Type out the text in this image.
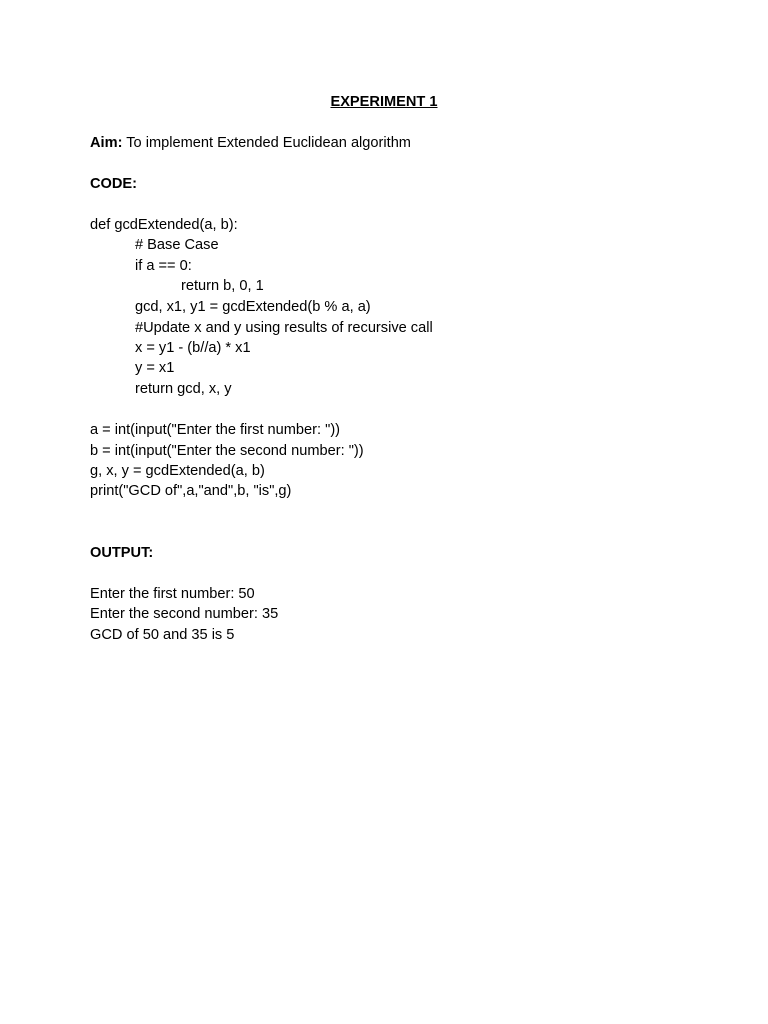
EXPERIMENT 1
Aim: To implement Extended Euclidean algorithm
CODE:
def gcdExtended(a, b):
# Base Case
if a == 0:
return b, 0, 1
gcd, x1, y1 = gcdExtended(b % a, a)
#Update x and y using results of recursive call
x = y1 - (b//a) * x1
y = x1
return gcd, x, y
a = int(input("Enter the first number: "))
b = int(input("Enter the second number: "))
g, x, y = gcdExtended(a, b)
print("GCD of",a,"and",b, "is",g)
OUTPUT:
Enter the first number: 50
Enter the second number: 35
GCD of 50 and 35 is 5
